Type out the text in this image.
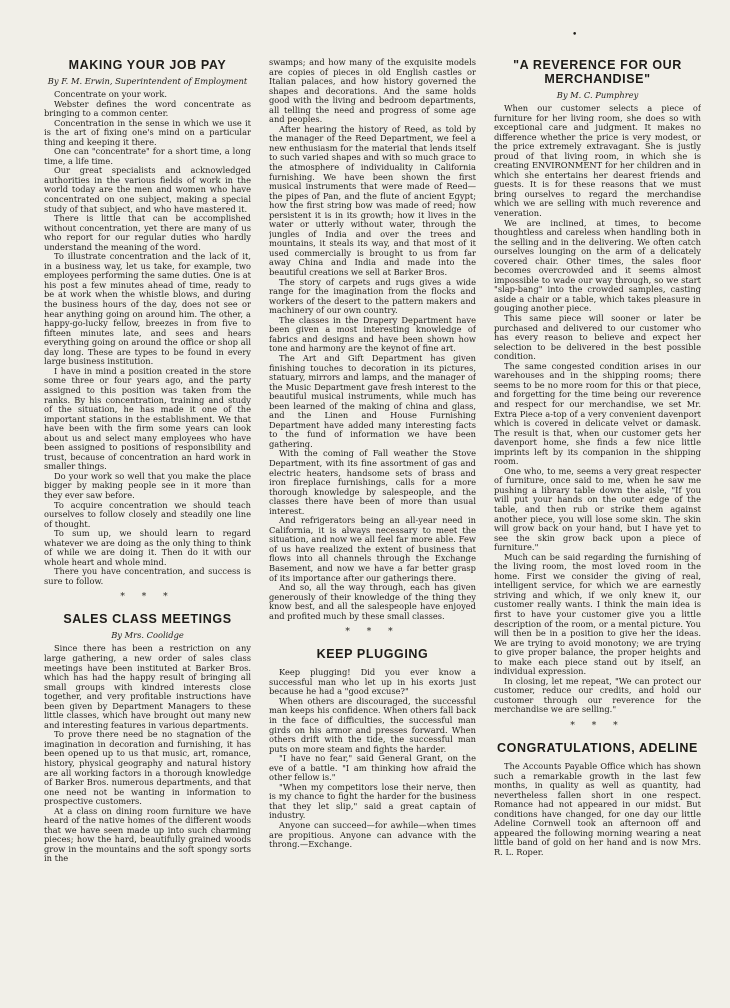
•
MAKING YOUR JOB PAY
By F. M. Erwin, Superintendent of Employment

Concentrate on your work.

Webster defines the word concentrate as bringing to a common center.

Concentration in the sense in which we use it is the art of fixing one's mind on a particular thing and keeping it there.

One can "concentrate" for a short time, a long time, a life time.

Our great specialists and acknowledged authorities in the various fields of work in the world today are the men and women who have concentrated on one subject, making a special study of that subject, and who have mastered it.

There is little that can be accomplished without concentration, yet there are many of us who report for our regular duties who hardly understand the meaning of the word.

To illustrate concentration and the lack of it, in a business way, let us take, for example, two employees performing the same duties. One is at his post a few minutes ahead of time, ready to be at work when the whistle blows, and during the business hours of the day, does not see or hear anything going on around him. The other, a happy-go-lucky fellow, breezes in from five to fifteen minutes late, and sees and hears everything going on around the office or shop all day long. These are types to be found in every large business institution.

I have in mind a position created in the store some three or four years ago, and the party assigned to this position was taken from the ranks. By his concentration, training and study of the situation, he has made it one of the important stations in the establishment. We that have been with the firm some years can look about us and select many employees who have been assigned to positions of responsibility and trust, because of concentration an hard work in smaller things.

Do your work so well that you make the place bigger by making people see in it more than they ever saw before.

To acquire concentration we should teach ourselves to follow closely and steadily one line of thought.

To sum up, we should learn to regard whatever we are doing as the only thing to think of while we are doing it. Then do it with our whole heart and whole mind.

There you have concentration, and success is sure to follow.

* * *
SALES CLASS MEETINGS
By Mrs. Coolidge

Since there has been a restriction on any large gathering, a new order of sales class meetings have been instituted at Barker Bros. which has had the happy result of bringing all small groups with kindred interests close together, and very profitable instructions have been given by Department Managers to these little classes, which have brought out many new and interesting features in various departments.

To prove there need be no stagnation of the imagination in decoration and furnishing, it has been opened up to us that music, art, romance, history, physical geography and natural history are all working factors in a thorough knowledge of Barker Bros. numerous departments, and that one need not be wanting in information to prospective customers.

At a class on dining room furniture we have heard of the native homes of the different woods that we have seen made up into such charming pieces; how the hard, beautifully grained woods grow in the mountains and the soft spongy sorts in the

swamps; and how many of the exquisite models are copies of pieces in old English castles or Italian palaces, and how history governed the shapes and decorations. And the same holds good with the living and bedroom departments, all telling the need and progress of some age and peoples.

After hearing the history of Reed, as told by the manager of the Reed Department, we feel a new enthusiasm for the material that lends itself to such varied shapes and with so much grace to the atmosphere of individuality in California furnishing. We have been shown the first musical instruments that were made of Reed—the pipes of Pan, and the flute of ancient Egypt; how the first string bow was made of reed; how persistent it is in its growth; how it lives in the water or utterly without water, through the jungles of India and over the trees and mountains, it steals its way, and that most of it used commercially is brought to us from far away China and India and made into the beautiful creations we sell at Barker Bros.

The story of carpets and rugs gives a wide range for the imagination from the flocks and workers of the desert to the pattern makers and machinery of our own country.

The classes in the Drapery Department have been given a most interesting knowledge of fabrics and designs and have been shown how tone and harmony are the keynot of fine art.

The Art and Gift Department has given finishing touches to decoration in its pictures, statuary, mirrors and lamps, and the manager of the Music Department gave fresh interest to the beautiful musical instruments, while much has been learned of the making of china and glass, and the Linen and House Furnishing Department have added many interesting facts to the fund of information we have been gathering.

With the coming of Fall weather the Stove Department, with its fine assortment of gas and electric heaters, handsome sets of brass and iron fireplace furnishings, calls for a more thorough knowledge by salespeople, and the classes there have been of more than usual interest.

And refrigerators being an all-year need in California, it is always necessary to meet the situation, and now we all feel far more able. Few of us have realized the extent of business that flows into all channels through the Exchange Basement, and now we have a far better grasp of its importance after our gatherings there.

And so, all the way through, each has given generously of their knowledge of the thing they know best, and all the salespeople have enjoyed and profited much by these small classes.

* * *
KEEP PLUGGING

Keep plugging! Did you ever know a successful man who let up in his exorts just because he had a "good excuse?"

When others are discouraged, the successful man keeps his confidence. When others fall back in the face of difficulties, the successful man girds on his armor and presses forward. When others drift with the tide, the successful man puts on more steam and fights the harder.

"I have no fear," said General Grant, on the eve of a battle. "I am thinking how afraid the other fellow is."

"When my competitors lose their nerve, then is my chance to fight the harder for the business that they let slip," said a great captain of industry.

Anyone can succeed—for awhile—when times are propitious. Anyone can advance with the throng.—Exchange.

"A REVERENCE FOR OUR MERCHANDISE"
By M. C. Pumphrey

When our customer selects a piece of furniture for her living room, she does so with exceptional care and judgment. It makes no difference whether the price is very modest, or the price extremely extravagant. She is justly proud of that living room, in which she is creating ENVIRONMENT for her children and in which she entertains her dearest friends and guests. It is for these reasons that we must bring ourselves to regard the merchandise which we are selling with much reverence and veneration.

We are inclined, at times, to become thoughtless and careless when handling both in the selling and in the delivering. We often catch ourselves lounging on the arm of a delicately covered chair. Other times, the sales floor becomes overcrowded and it seems almost impossible to wade our way through, so we start "slap-bang" into the crowded samples, casting aside a chair or a table, which takes pleasure in gouging another piece.

This same piece will sooner or later be purchased and delivered to our customer who has every reason to believe and expect her selection to be delivered in the best possible condition.

The same congested condition arises in our warehouses and in the shipping rooms; there seems to be no more room for this or that piece, and forgetting for the time being our reverence and respect for our merchandise, we set Mr. Extra Piece a-top of a very convenient davenport which is covered in delicate velvet or damask. The result is that, when our customer gets her davenport home, she finds a few nice little imprints left by its companion in the shipping room.

One who, to me, seems a very great respecter of furniture, once said to me, when he saw me pushing a library table down the aisle, "If you will put your hands on the outer edge of the table, and then rub or strike them against another piece, you will lose some skin. The skin will grow back on your hand, but I have yet to see the skin grow back upon a piece of furniture."

Much can be said regarding the furnishing of the living room, the most loved room in the home. First we consider the giving of real, intelligent service, for which we are earnestly striving and which, if we only knew it, our customer really wants. I think the main idea is first to have your customer give you a little description of the room, or a mental picture. You will then be in a position to give her the ideas. We are trying to avoid monotony; we are trying to give proper balance, the proper heights and to make each piece stand out by itself, an individual expression.

In closing, let me repeat, "We can protect our customer, reduce our credits, and hold our customer through our reverence for the merchandise we are selling."

* * *
CONGRATULATIONS, ADELINE

The Accounts Payable Office which has shown such a remarkable growth in the last few months, in quality as well as quantity, had nevertheless fallen short in one respect. Romance had not appeared in our midst. But conditions have changed, for one day our little Adeline Cornwell took an afternoon off and appeared the following morning wearing a neat little band of gold on her hand and is now Mrs. R. L. Roper.
